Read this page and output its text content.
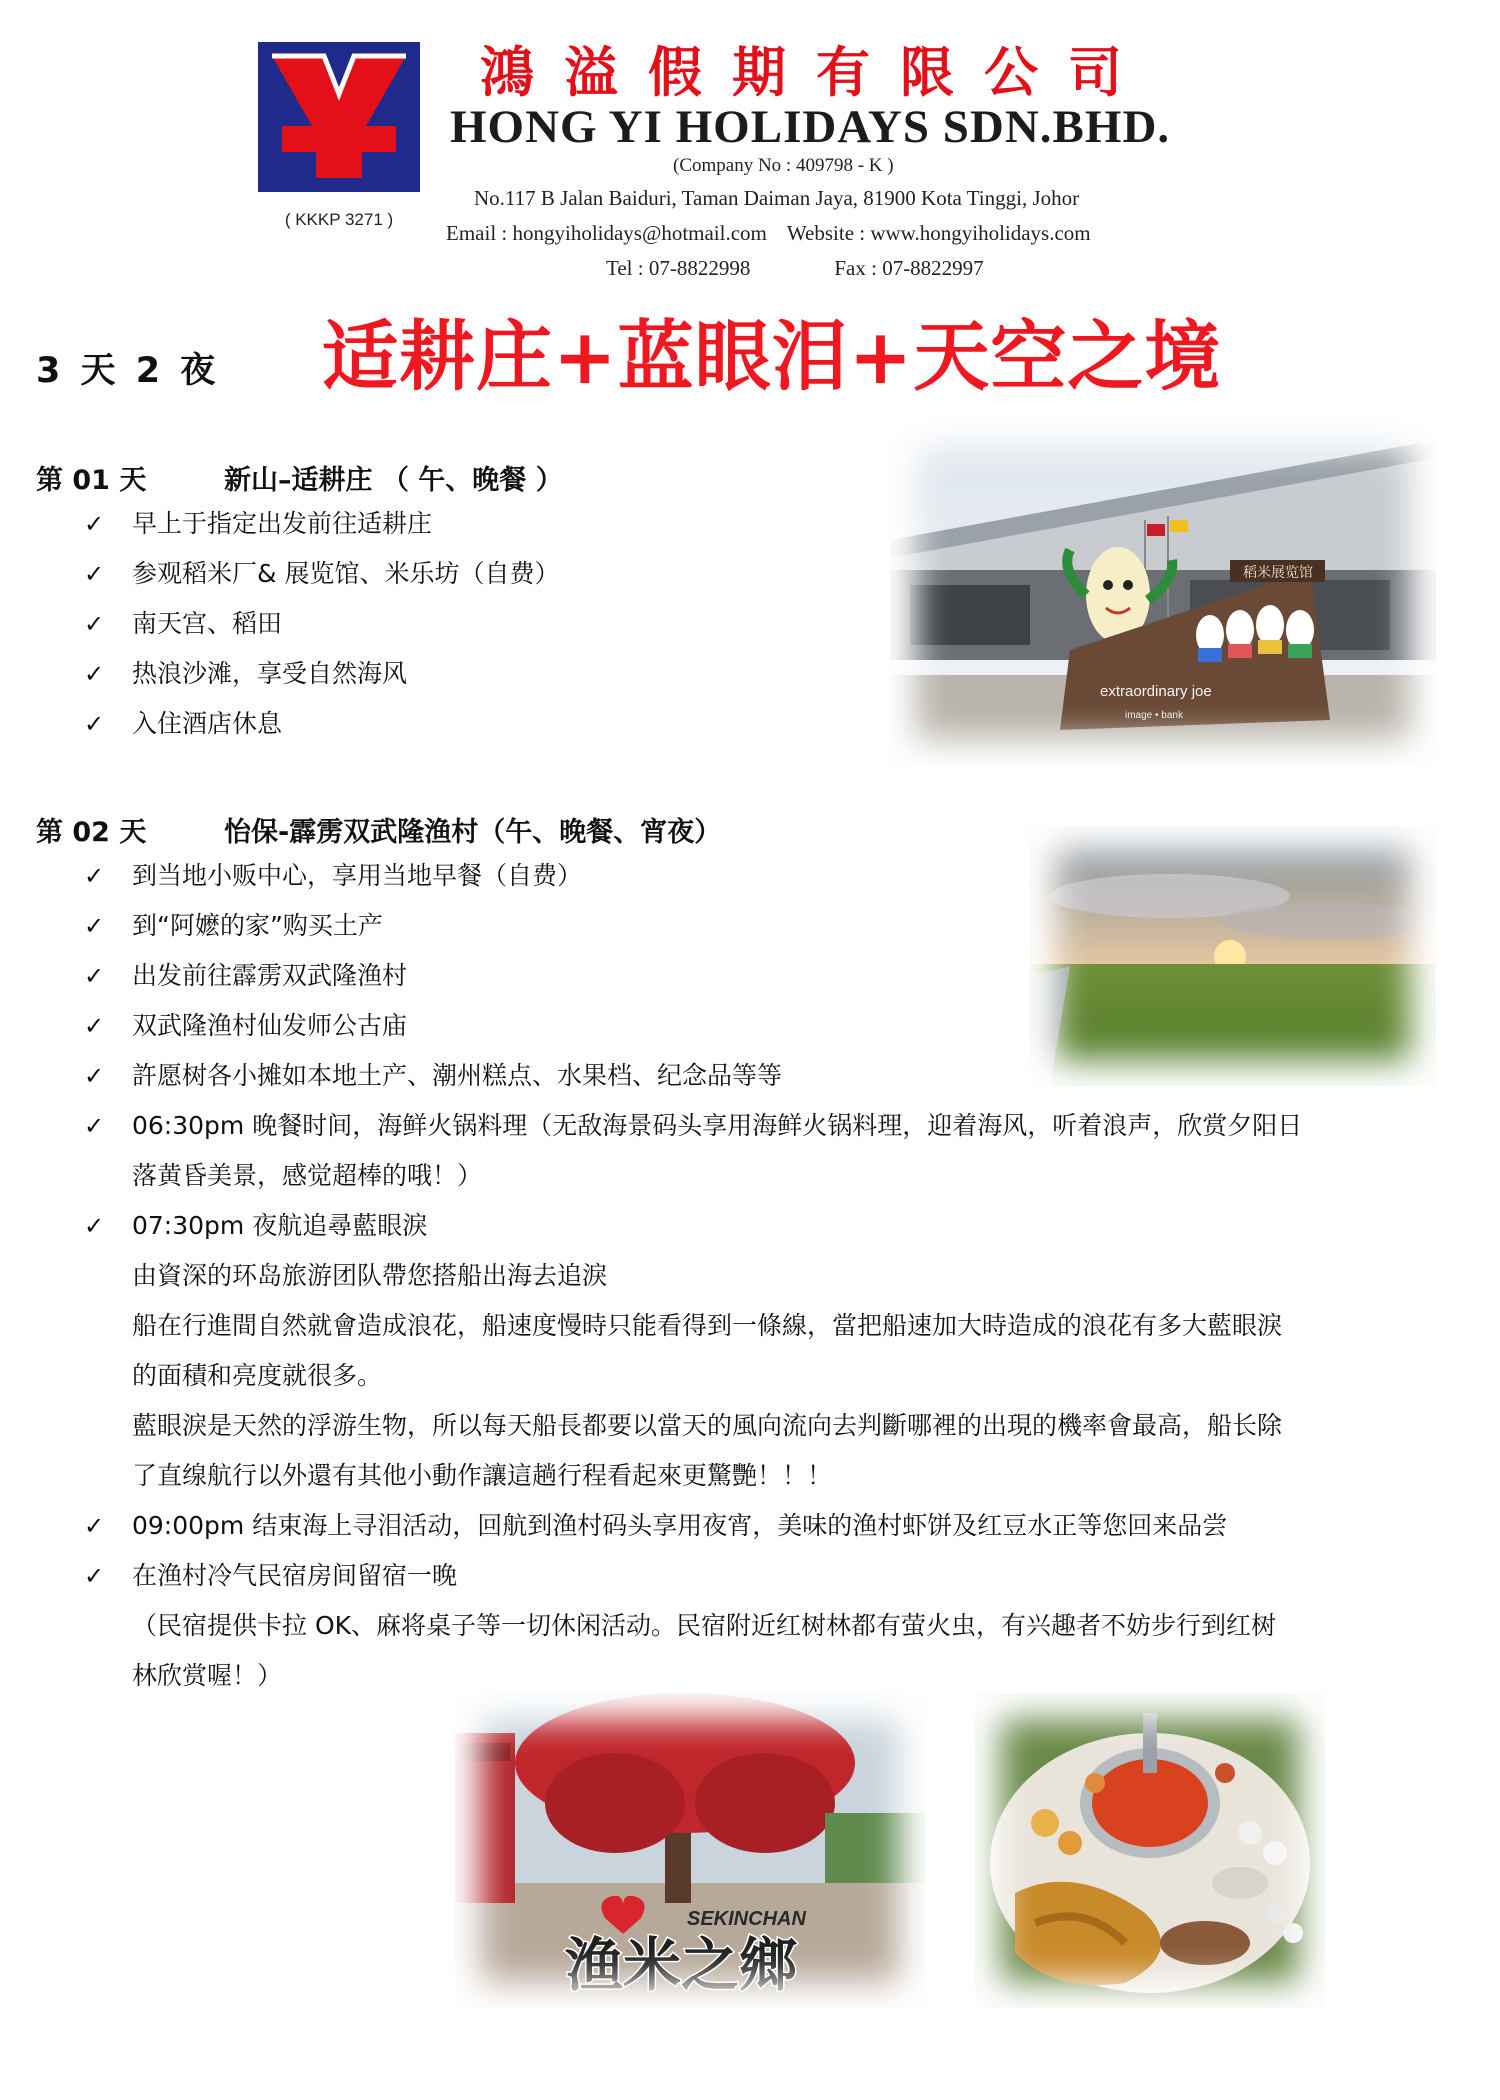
( KKKP 3271 )
鴻溢假期有限公司
HONG YI HOLIDAYS SDN.BHD.
(Company No : 409798 - K )
No.117 B Jalan Baiduri, Taman Daiman Jaya, 81900 Kota Tinggi, Johor
Email : hongyiholidays@hotmail.com Website : www.hongyiholidays.com
Tel : 07-8822998	Fax : 07-8822997
3 天 2 夜 适耕庄+蓝眼泪+天空之境
第 01 天	新山–适耕庄 （ 午、晚餐 ）
✓ 早上于指定出发前往适耕庄
✓ 参观稻米厂& 展览馆、米乐坊（自费）
✓ 南天宫、稻田
✓ 热浪沙滩，享受自然海风
✓ 入住酒店休息
第 02 天	怡保-霹雳双武隆渔村（午、晚餐、宵夜）
✓ 到当地小贩中心，享用当地早餐（自费）
✓ 到“阿嬷的家”购买土产
✓ 出发前往霹雳双武隆渔村
✓ 双武隆渔村仙发师公古庙
✓ 許愿树各小摊如本地土产、潮州糕点、水果档、纪念品等等
✓ 06:30pm 晚餐时间，海鲜火锅料理（无敌海景码头享用海鲜火锅料理，迎着海风，听着浪声，欣赏夕阳日
落黄昏美景，感觉超棒的哦！）
✓ 07:30pm 夜航追尋藍眼淚
由資深的环岛旅游团队帶您搭船出海去追淚
船在行進間自然就會造成浪花，船速度慢時只能看得到一條線，當把船速加大時造成的浪花有多大藍眼淚
的面積和亮度就很多。
藍眼淚是天然的浮游生物，所以每天船長都要以當天的風向流向去判斷哪裡的出現的機率會最高，船长除
了直缐航行以外還有其他小動作讓這趟行程看起來更驚艷！！！
✓ 09:00pm 结束海上寻泪活动，回航到渔村码头享用夜宵，美味的渔村虾饼及红豆水正等您回来品尝
✓ 在渔村冷气民宿房间留宿一晚
（民宿提供卡拉 OK、麻将桌子等一切休闲活动。民宿附近红树林都有萤火虫，有兴趣者不妨步行到红树
林欣赏喔！）
稻米展览馆
extraordinary joe
image • bank
SEKINCHAN
渔米之鄉
